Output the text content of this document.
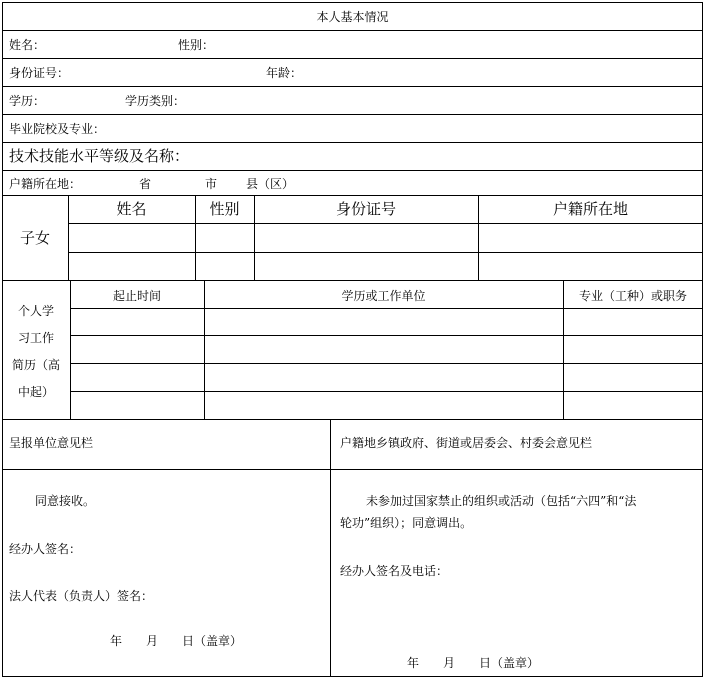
本人基本情况
姓名：	性别：
身份证号：	年龄：
学历：	学历类别：
毕业院校及专业：
技术技能水平等级及名称：
户籍所在地：	省	市 县（区）
子女
姓名	性别	身份证号	户籍所在地
个人学
习工作
简历（高
中起）
起止时间	学历或工作单位	专业（工种）或职务
呈报单位意见栏
同意接收。
经办人签名：
法人代表（负责人）签名：
年　　月　　日（盖章）
户籍地乡镇政府、街道或居委会、村委会意见栏
未参加过国家禁止的组织或活动（包括“六四”和“法
轮功”组织）；同意调出。
经办人签名及电话：
年　　月　　日（盖章）
